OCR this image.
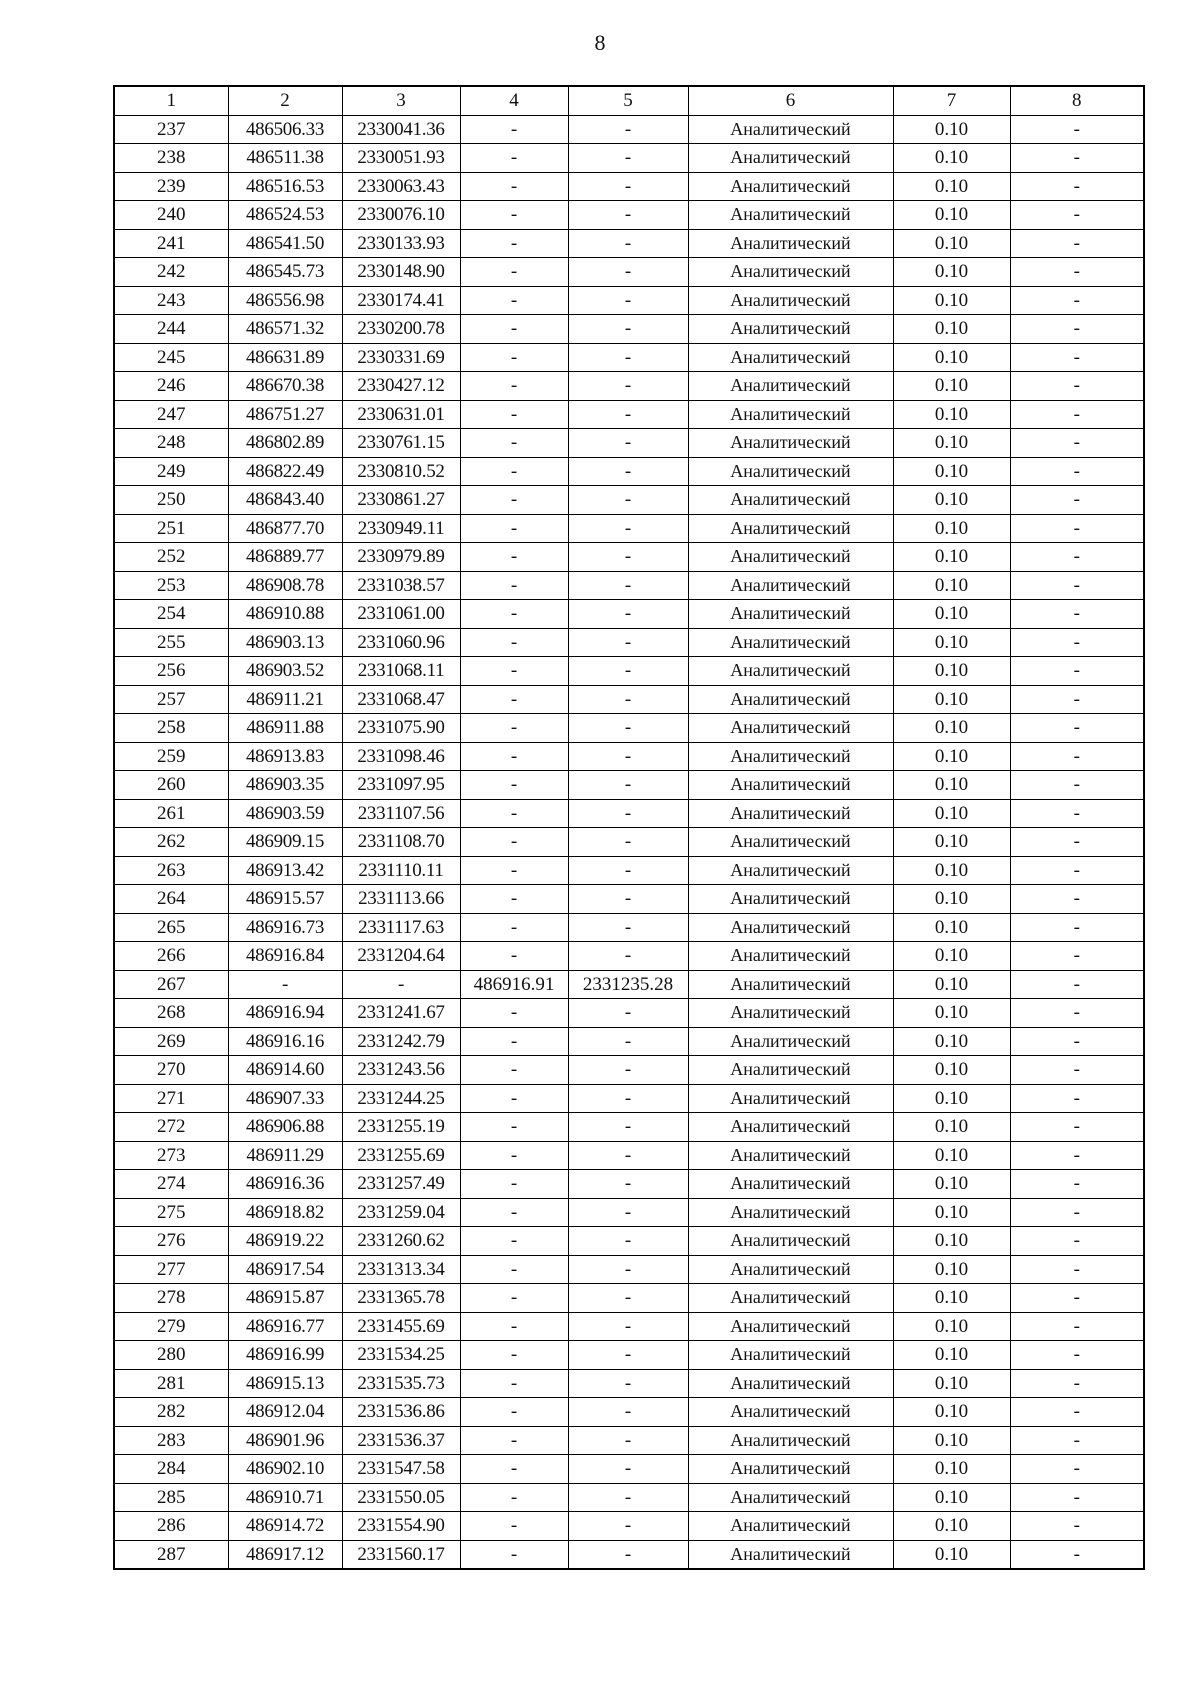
8
1	2	3	4	5	6	7	8
237	486506.33	2330041.36	-	-	Аналитический	0.10	-
238	486511.38	2330051.93	-	-	Аналитический	0.10	-
239	486516.53	2330063.43	-	-	Аналитический	0.10	-
240	486524.53	2330076.10	-	-	Аналитический	0.10	-
241	486541.50	2330133.93	-	-	Аналитический	0.10	-
242	486545.73	2330148.90	-	-	Аналитический	0.10	-
243	486556.98	2330174.41	-	-	Аналитический	0.10	-
244	486571.32	2330200.78	-	-	Аналитический	0.10	-
245	486631.89	2330331.69	-	-	Аналитический	0.10	-
246	486670.38	2330427.12	-	-	Аналитический	0.10	-
247	486751.27	2330631.01	-	-	Аналитический	0.10	-
248	486802.89	2330761.15	-	-	Аналитический	0.10	-
249	486822.49	2330810.52	-	-	Аналитический	0.10	-
250	486843.40	2330861.27	-	-	Аналитический	0.10	-
251	486877.70	2330949.11	-	-	Аналитический	0.10	-
252	486889.77	2330979.89	-	-	Аналитический	0.10	-
253	486908.78	2331038.57	-	-	Аналитический	0.10	-
254	486910.88	2331061.00	-	-	Аналитический	0.10	-
255	486903.13	2331060.96	-	-	Аналитический	0.10	-
256	486903.52	2331068.11	-	-	Аналитический	0.10	-
257	486911.21	2331068.47	-	-	Аналитический	0.10	-
258	486911.88	2331075.90	-	-	Аналитический	0.10	-
259	486913.83	2331098.46	-	-	Аналитический	0.10	-
260	486903.35	2331097.95	-	-	Аналитический	0.10	-
261	486903.59	2331107.56	-	-	Аналитический	0.10	-
262	486909.15	2331108.70	-	-	Аналитический	0.10	-
263	486913.42	2331110.11	-	-	Аналитический	0.10	-
264	486915.57	2331113.66	-	-	Аналитический	0.10	-
265	486916.73	2331117.63	-	-	Аналитический	0.10	-
266	486916.84	2331204.64	-	-	Аналитический	0.10	-
267	-	-	486916.91	2331235.28	Аналитический	0.10	-
268	486916.94	2331241.67	-	-	Аналитический	0.10	-
269	486916.16	2331242.79	-	-	Аналитический	0.10	-
270	486914.60	2331243.56	-	-	Аналитический	0.10	-
271	486907.33	2331244.25	-	-	Аналитический	0.10	-
272	486906.88	2331255.19	-	-	Аналитический	0.10	-
273	486911.29	2331255.69	-	-	Аналитический	0.10	-
274	486916.36	2331257.49	-	-	Аналитический	0.10	-
275	486918.82	2331259.04	-	-	Аналитический	0.10	-
276	486919.22	2331260.62	-	-	Аналитический	0.10	-
277	486917.54	2331313.34	-	-	Аналитический	0.10	-
278	486915.87	2331365.78	-	-	Аналитический	0.10	-
279	486916.77	2331455.69	-	-	Аналитический	0.10	-
280	486916.99	2331534.25	-	-	Аналитический	0.10	-
281	486915.13	2331535.73	-	-	Аналитический	0.10	-
282	486912.04	2331536.86	-	-	Аналитический	0.10	-
283	486901.96	2331536.37	-	-	Аналитический	0.10	-
284	486902.10	2331547.58	-	-	Аналитический	0.10	-
285	486910.71	2331550.05	-	-	Аналитический	0.10	-
286	486914.72	2331554.90	-	-	Аналитический	0.10	-
287	486917.12	2331560.17	-	-	Аналитический	0.10	-
